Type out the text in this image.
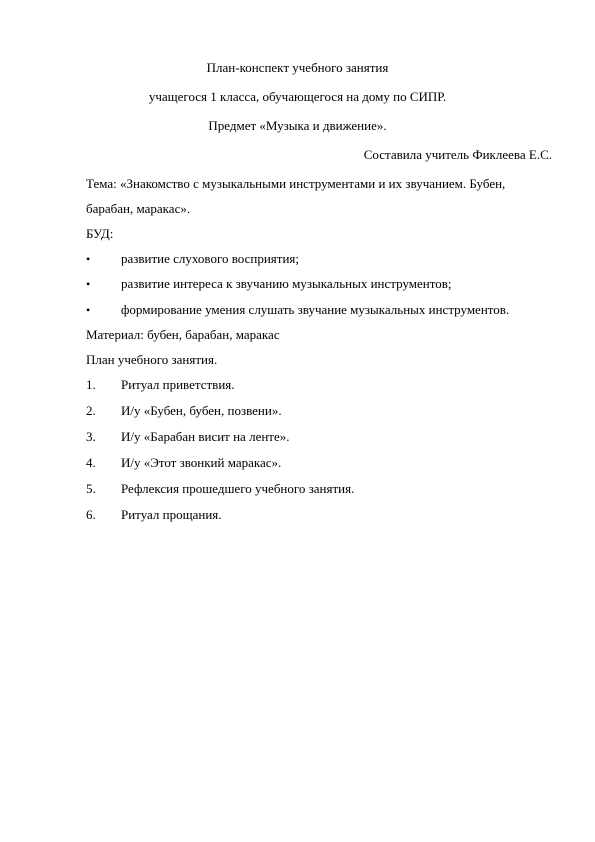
План-конспект учебного занятия
учащегося 1 класса, обучающегося на дому по СИПР.
Предмет «Музыка и движение».
Составила учитель Фиклеева Е.С.
Тема: «Знакомство с музыкальными инструментами и их звучанием. Бубен,
барабан, маракас».
БУД:
•	развитие слухового восприятия;
•	развитие интереса к звучанию музыкальных инструментов;
•	формирование умения слушать звучание музыкальных инструментов.
Материал: бубен, барабан, маракас
План учебного занятия.
1.	Ритуал приветствия.
2.	И/у «Бубен, бубен, позвени».
3.	И/у «Барабан висит на ленте».
4.	И/у «Этот звонкий маракас».
5.	Рефлексия прошедшего учебного занятия.
6.	Ритуал прощания.
